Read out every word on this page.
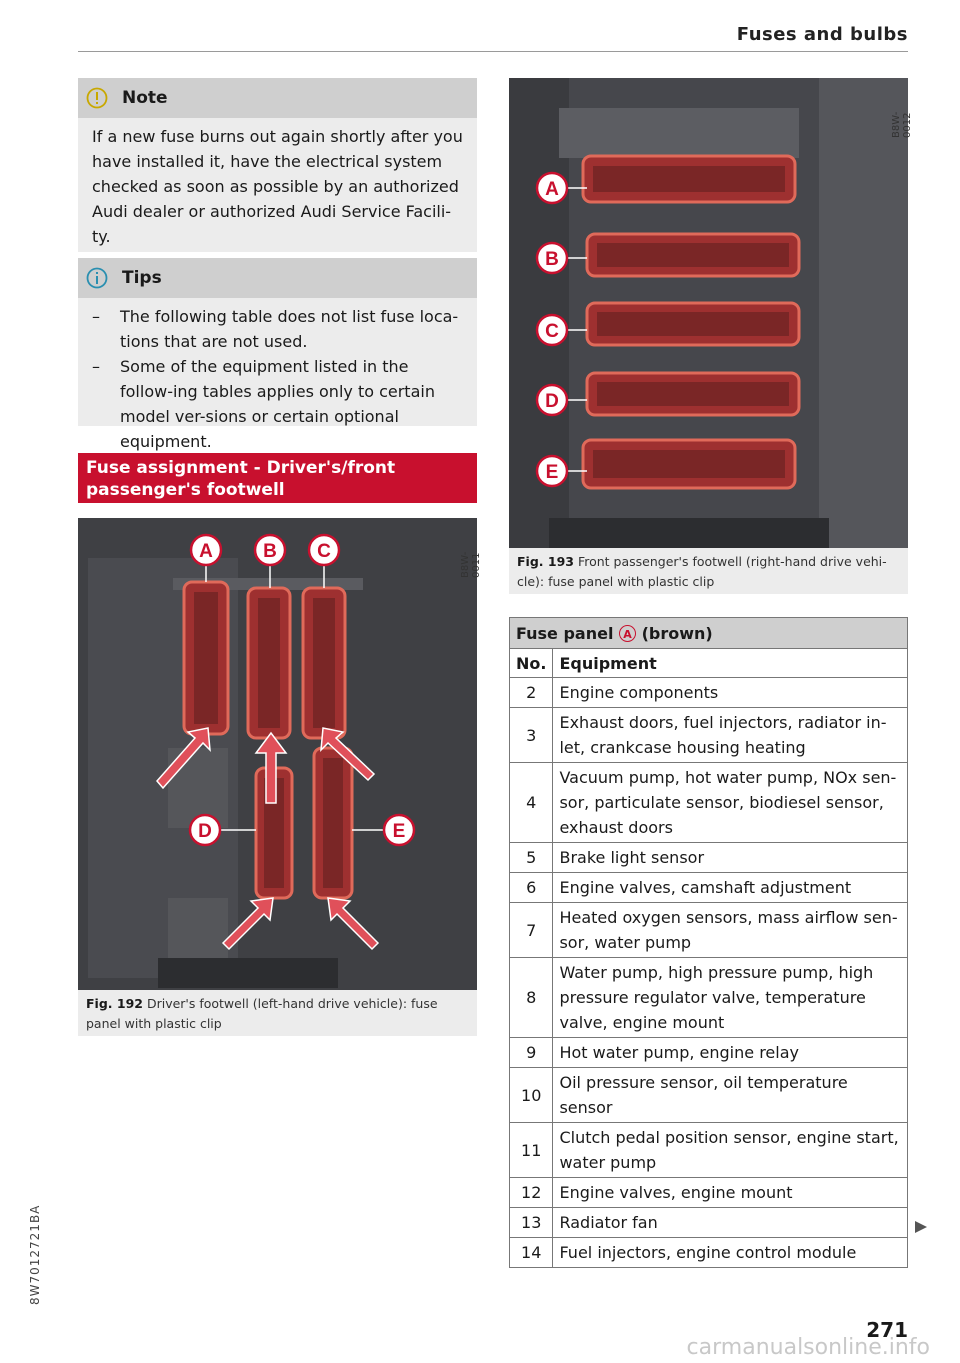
Fuses and bulbs
8W7012721BA
Note
If a new fuse burns out again shortly after you have installed it, have the electrical system checked as soon as possible by an authorized Audi dealer or authorized Audi Service Facili-ty.
Tips
– The following table does not list fuse loca-tions that are not used.
– Some of the equipment listed in the follow-ing tables applies only to certain model ver-sions or certain optional equipment.
Fuse assignment - Driver's/front passenger's footwell
A	B C
D	E
B8W-0011
Fig. 192 Driver's footwell (left-hand drive vehicle): fuse panel with plastic clip
A
B
C
D
E
B8W-0012
Fig. 193 Front passenger's footwell (right-hand drive vehi-cle): fuse panel with plastic clip
Fuse panel A (brown)	
No.	Equipment
2	Engine components
3	Exhaust doors, fuel injectors, radiator in-let, crankcase housing heating
4	Vacuum pump, hot water pump, NOx sen-sor, particulate sensor, biodiesel sensor, exhaust doors
5	Brake light sensor
6	Engine valves, camshaft adjustment
7	Heated oxygen sensors, mass airflow sen-sor, water pump
8	Water pump, high pressure pump, high pressure regulator valve, temperature valve, engine mount
9	Hot water pump, engine relay
10	Oil pressure sensor, oil temperature sensor
11	Clutch pedal position sensor, engine start, water pump
12	Engine valves, engine mount
13	Radiator fan
14	Fuel injectors, engine control module
271
carmanualsonline.info
